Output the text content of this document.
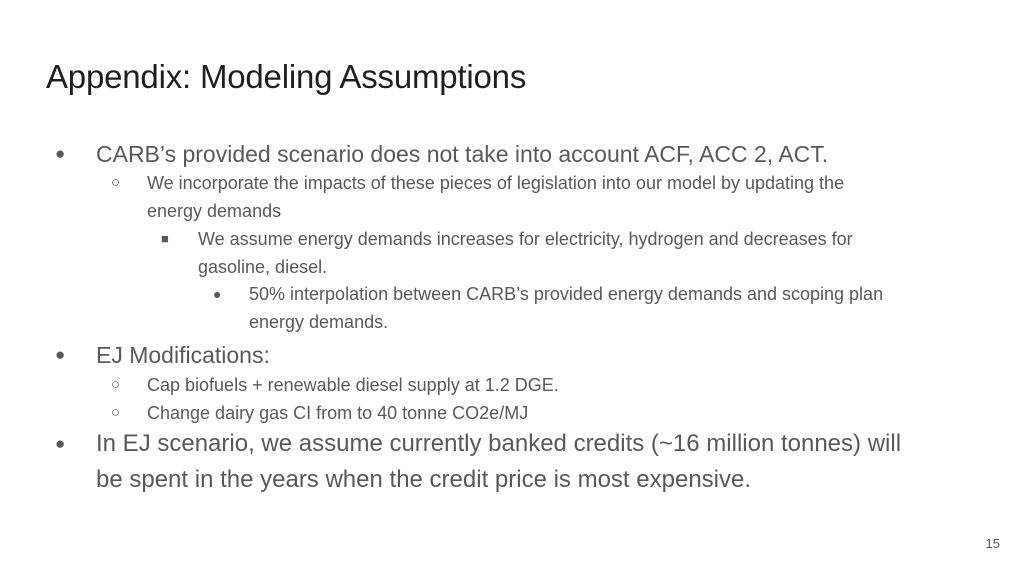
Appendix: Modeling Assumptions
● CARB’s provided scenario does not take into account ACF, ACC 2, ACT.

○ We incorporate the impacts of these pieces of legislation into our model by updating the

energy demands

■ We assume energy demands increases for electricity, hydrogen and decreases for

gasoline, diesel.

● 50% interpolation between CARB’s provided energy demands and scoping plan

energy demands.

● EJ Modifications:

○ Cap biofuels + renewable diesel supply at 1.2 DGE.

○ Change dairy gas CI from to 40 tonne CO2e/MJ

● In EJ scenario, we assume currently banked credits (~16 million tonnes) will

be spent in the years when the credit price is most expensive.

15
